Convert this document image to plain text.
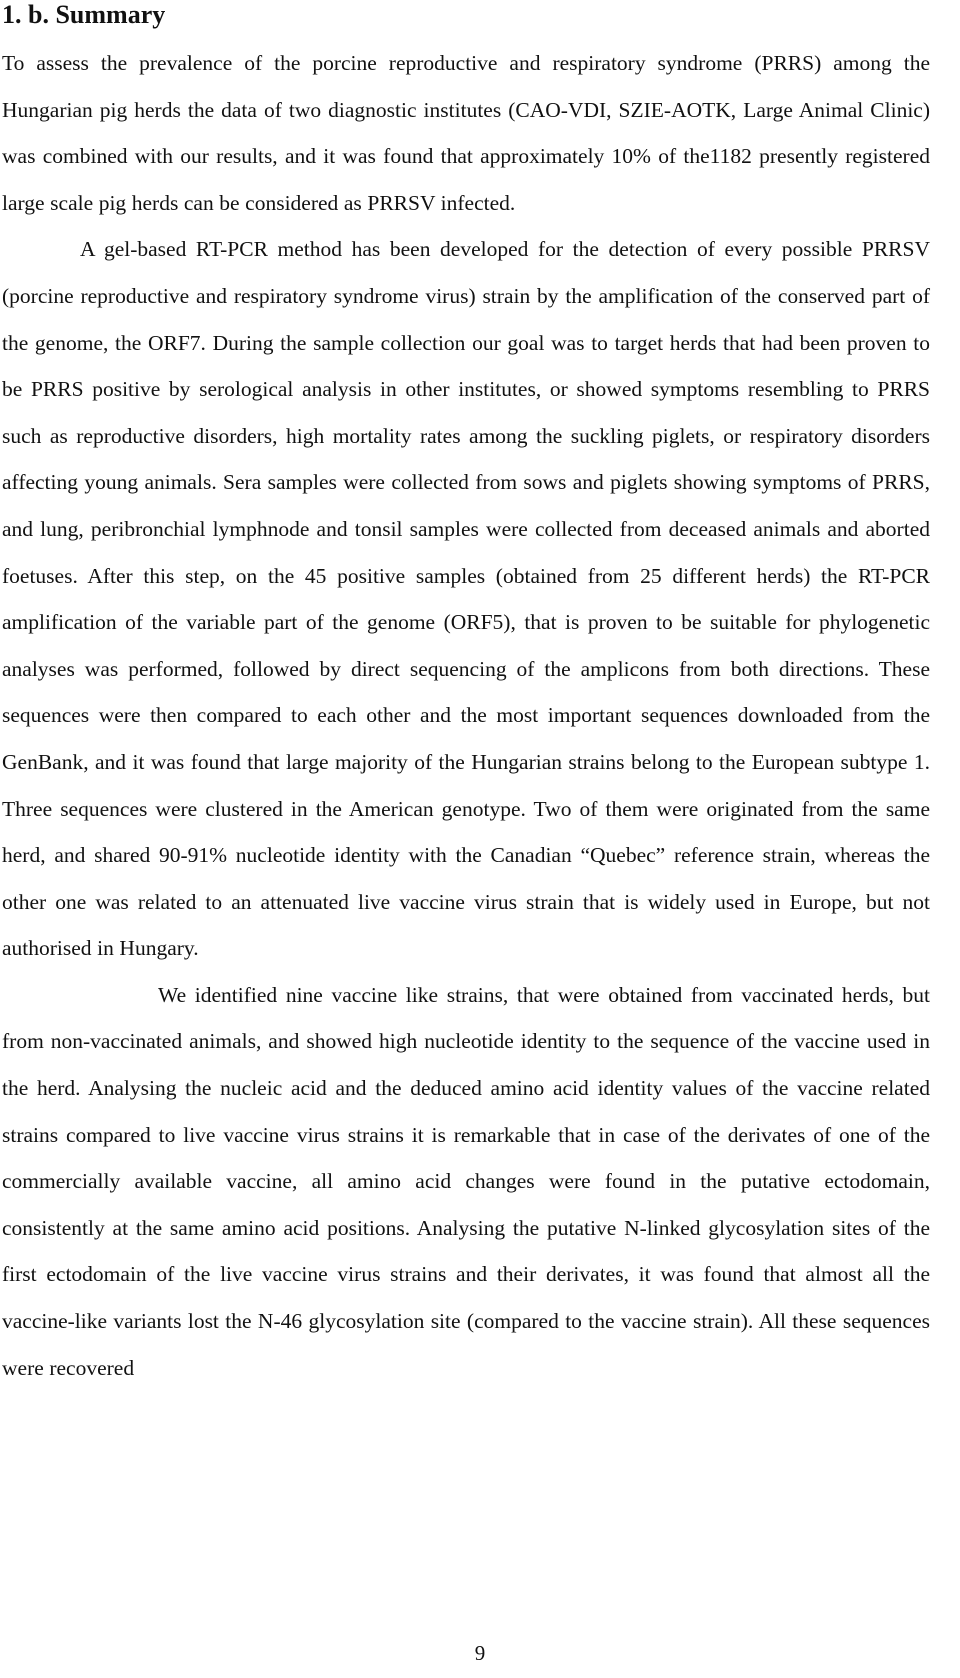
1. b. Summary

To assess the prevalence of the porcine reproductive and respiratory syndrome (PRRS) among the Hungarian pig herds the data of two diagnostic institutes (CAO-VDI, SZIE-AOTK, Large Animal Clinic) was combined with our results, and it was found that approximately 10% of the1182 presently registered large scale pig herds can be considered as PRRSV infected.

A gel-based RT-PCR method has been developed for the detection of every possible PRRSV (porcine reproductive and respiratory syndrome virus) strain by the amplification of the conserved part of the genome, the ORF7. During the sample collection our goal was to target herds that had been proven to be PRRS positive by serological analysis in other institutes, or showed symptoms resembling to PRRS such as reproductive disorders, high mortality rates among the suckling piglets, or respiratory disorders affecting young animals. Sera samples were collected from sows and piglets showing symptoms of PRRS, and lung, peribronchial lymphnode and tonsil samples were collected from deceased animals and aborted foetuses. After this step, on the 45 positive samples (obtained from 25 different herds) the RT-PCR amplification of the variable part of the genome (ORF5), that is proven to be suitable for phylogenetic analyses was performed, followed by direct sequencing of the amplicons from both directions. These sequences were then compared to each other and the most important sequences downloaded from the GenBank, and it was found that large majority of the Hungarian strains belong to the European subtype 1. Three sequences were clustered in the American genotype. Two of them were originated from the same herd, and shared 90-91% nucleotide identity with the Canadian “Quebec” reference strain, whereas the other one was related to an attenuated live vaccine virus strain that is widely used in Europe, but not authorised in Hungary.

We identified nine vaccine like strains, that were obtained from vaccinated herds, but from non-vaccinated animals, and showed high nucleotide identity to the sequence of the vaccine used in the herd. Analysing the nucleic acid and the deduced amino acid identity values of the vaccine related strains compared to live vaccine virus strains it is remarkable that in case of the derivates of one of the commercially available vaccine, all amino acid changes were found in the putative ectodomain, consistently at the same amino acid positions. Analysing the putative N-linked glycosylation sites of the first ectodomain of the live vaccine virus strains and their derivates, it was found that almost all the vaccine-like variants lost the N-46 glycosylation site (compared to the vaccine strain). All these sequences were recovered

9
